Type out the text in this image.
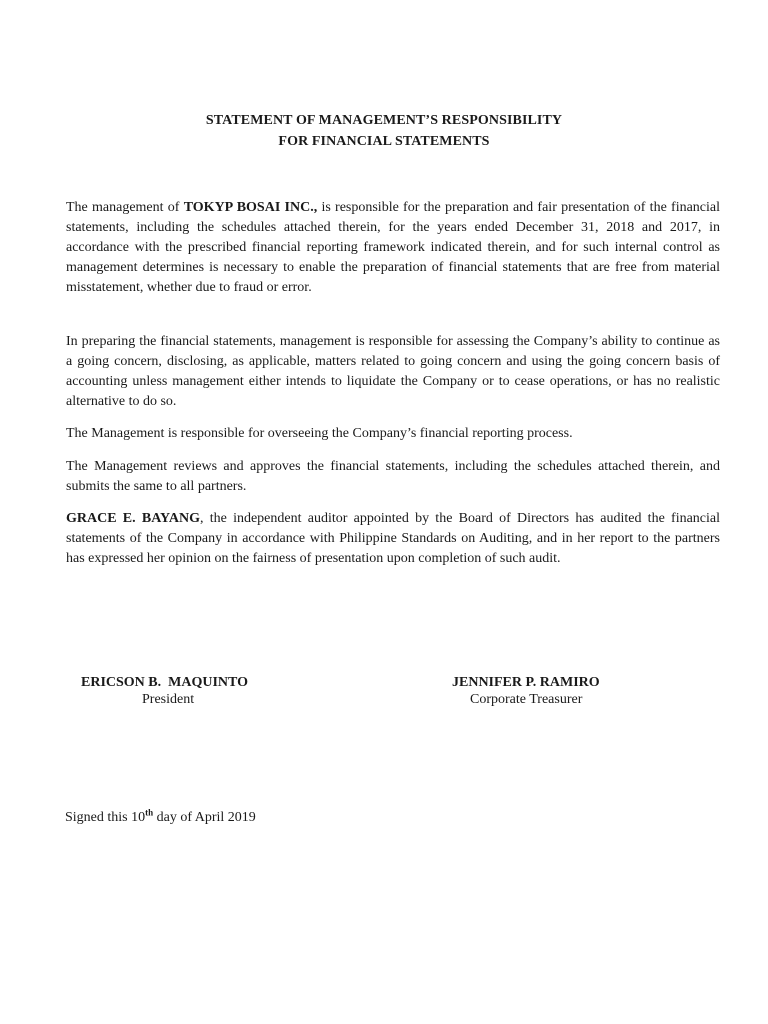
STATEMENT OF MANAGEMENT’S RESPONSIBILITY
FOR FINANCIAL STATEMENTS

The management of TOKYP BOSAI INC., is responsible for the preparation and fair presentation of the financial statements, including the schedules attached therein, for the years ended December 31, 2018 and 2017, in accordance with the prescribed financial reporting framework indicated therein, and for such internal control as management determines is necessary to enable the preparation of financial statements that are free from material misstatement, whether due to fraud or error.

In preparing the financial statements, management is responsible for assessing the Company’s ability to continue as a going concern, disclosing, as applicable, matters related to going concern and using the going concern basis of accounting unless management either intends to liquidate the Company or to cease operations, or has no realistic alternative to do so.

The Management is responsible for overseeing the Company’s financial reporting process.

The Management reviews and approves the financial statements, including the schedules attached therein, and submits the same to all partners.

GRACE E. BAYANG, the independent auditor appointed by the Board of Directors has audited the financial statements of the Company in accordance with Philippine Standards on Auditing, and in her report to the partners has expressed her opinion on the fairness of presentation upon completion of such audit.

ERICSON B.  MAQUINTO
President
JENNIFER P. RAMIRO
Corporate Treasurer
Signed this 10th day of April 2019
